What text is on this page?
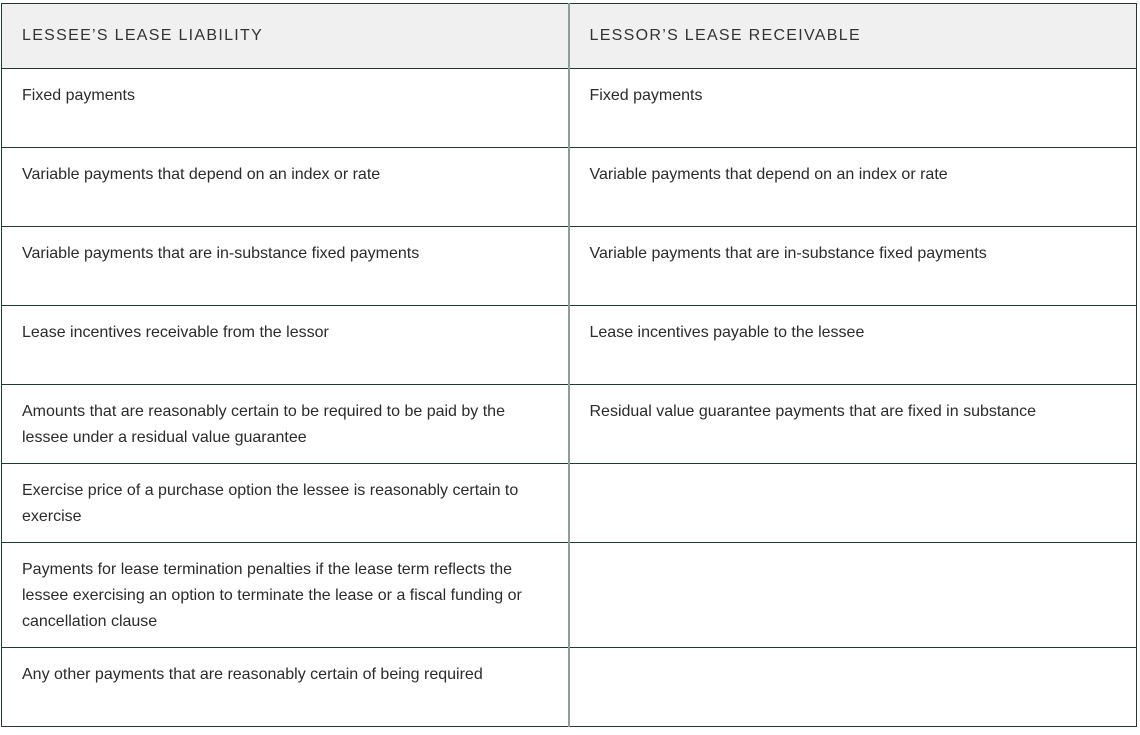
LESSEE’S LEASE LIABILITY	LESSOR’S LEASE RECEIVABLE
Fixed payments	Fixed payments
Variable payments that depend on an index or rate	Variable payments that depend on an index or rate
Variable payments that are in-substance fixed payments	Variable payments that are in-substance fixed payments
Lease incentives receivable from the lessor	Lease incentives payable to the lessee
Amounts that are reasonably certain to be required to be paid by the lessee under a residual value guarantee	Residual value guarantee payments that are fixed in substance
Exercise price of a purchase option the lessee is reasonably certain to exercise	
Payments for lease termination penalties if the lease term reflects the lessee exercising an option to terminate the lease or a fiscal funding or cancellation clause	
Any other payments that are reasonably certain of being required	
